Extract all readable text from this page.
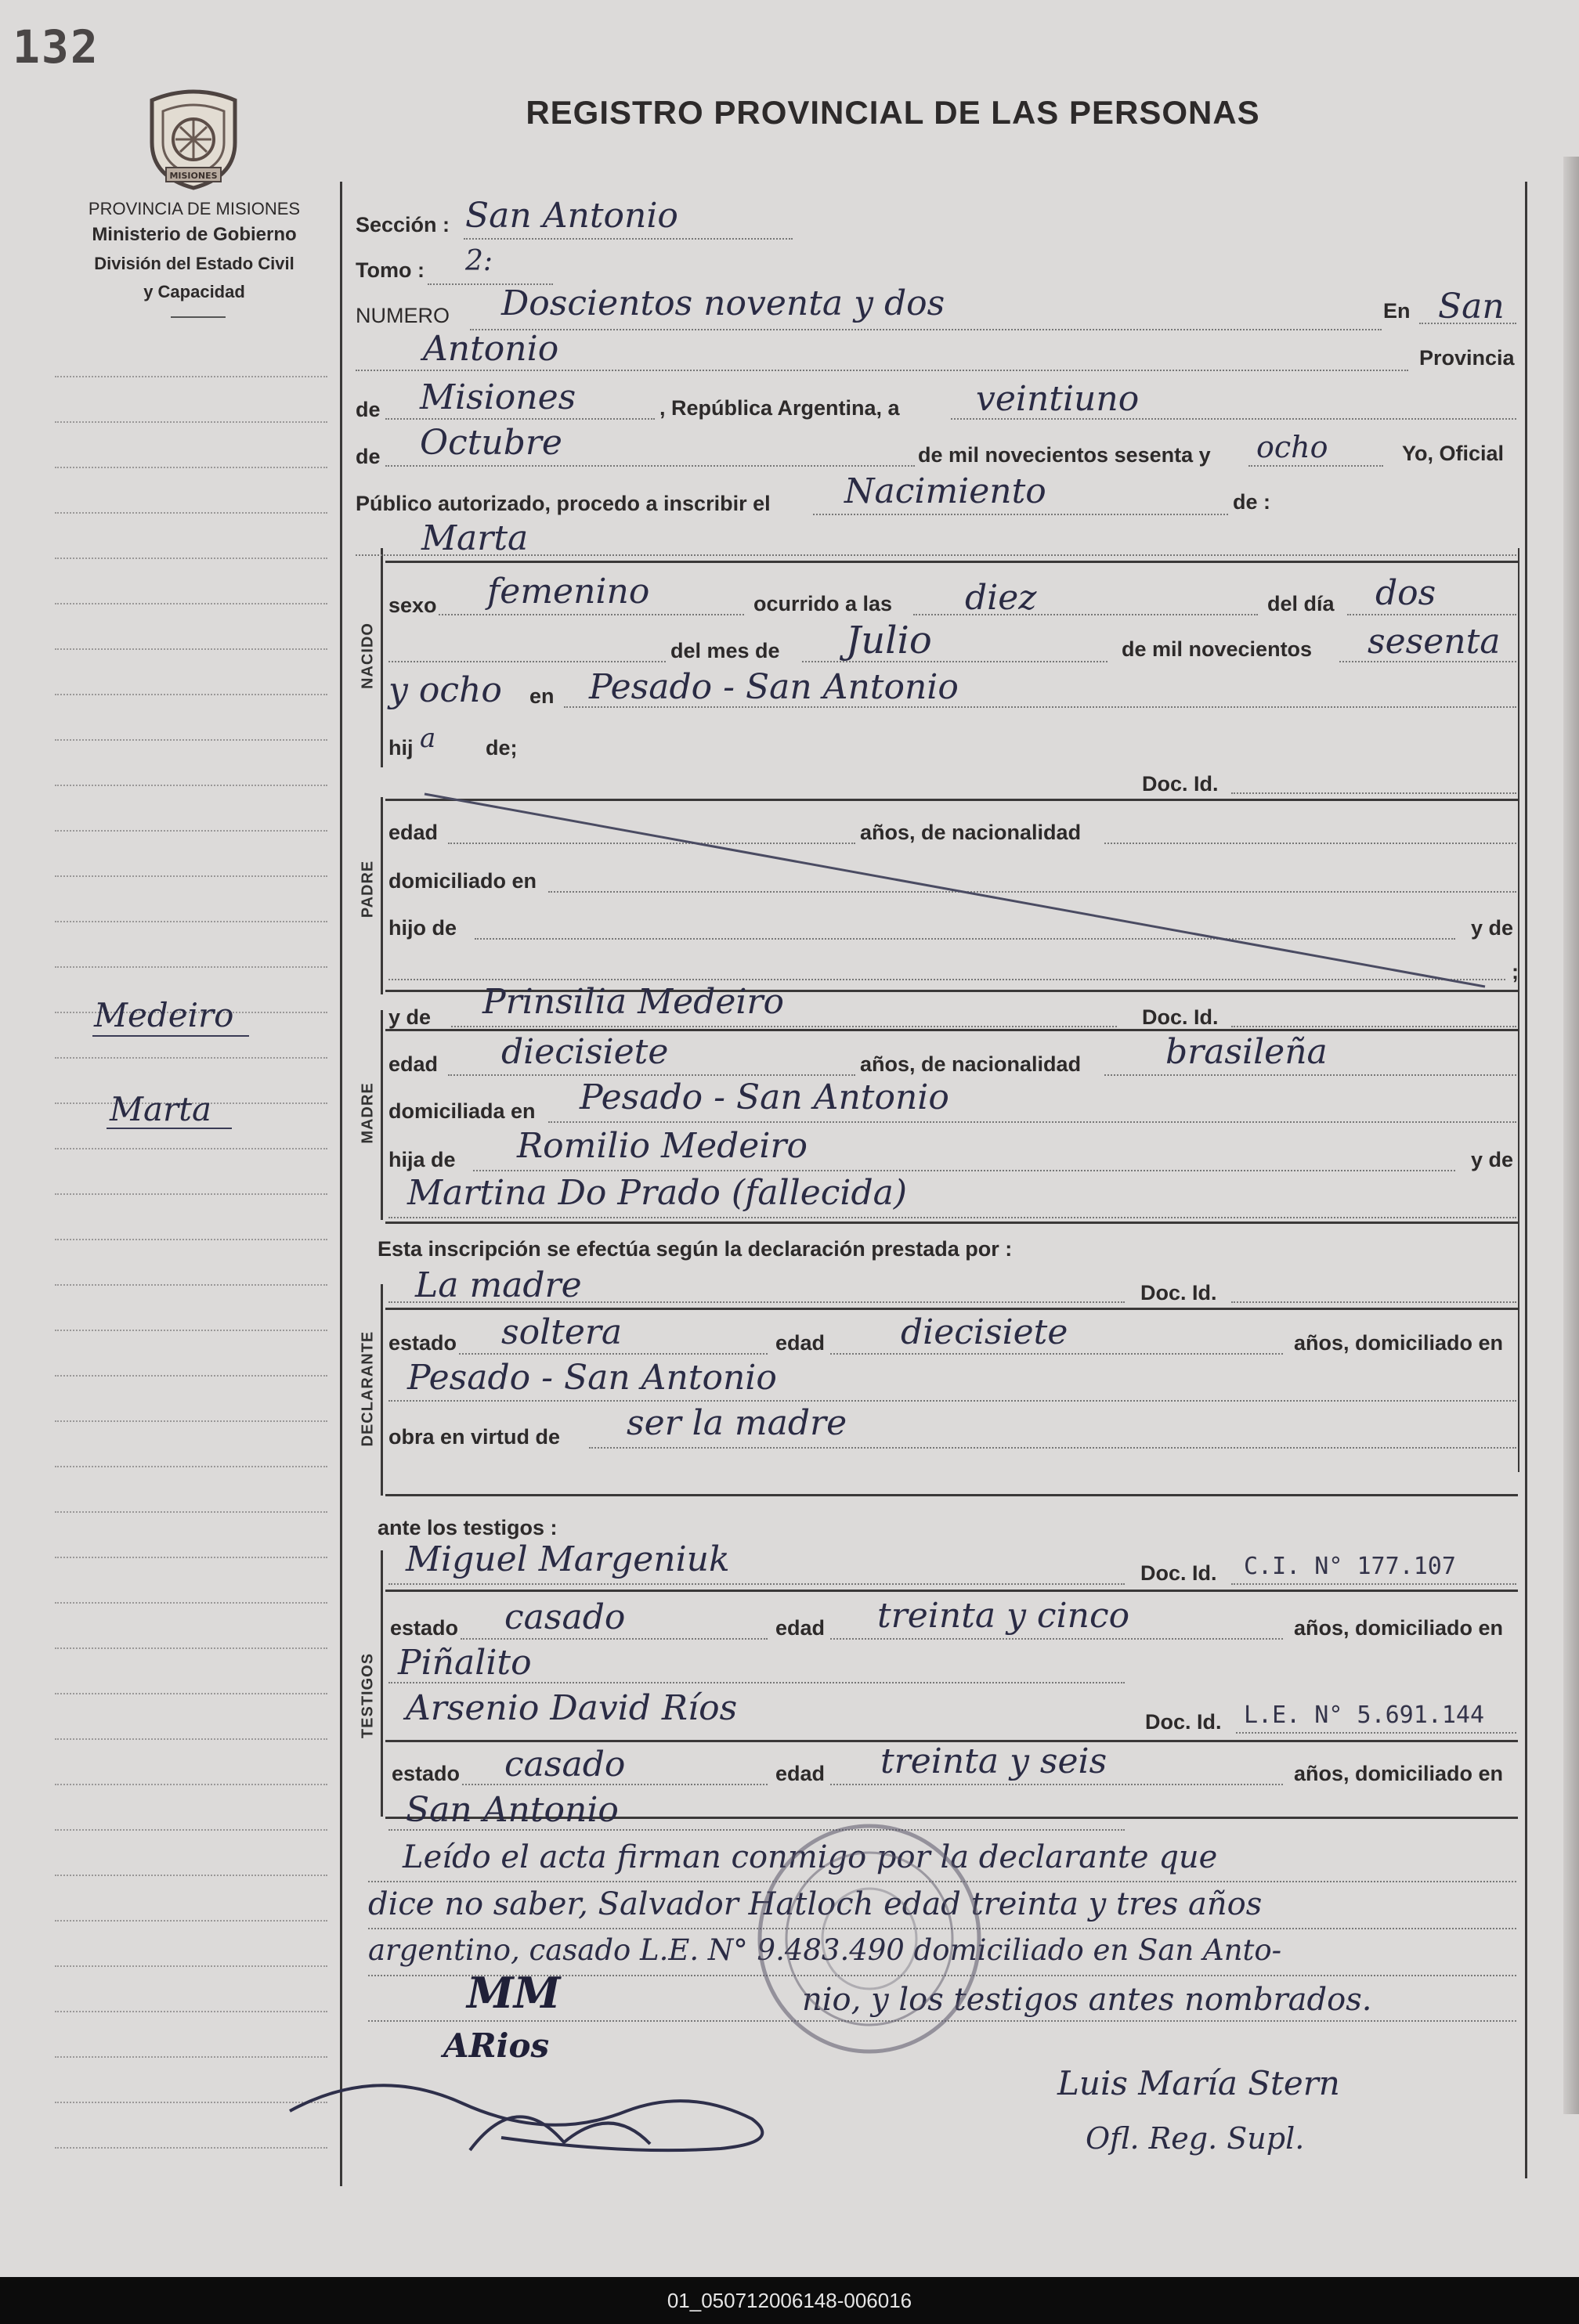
132
MISIONES
PROVINCIA DE MISIONES
Ministerio de Gobierno
División del Estado Civil
y Capacidad
REGISTRO PROVINCIAL DE LAS PERSONAS
NACIDO
PADRE
MADRE
DECLARANTE
TESTIGOS
Medeiro
Marta
Sección : San Antonio
Tomo : 2:
NUMERO Doscientos noventa y dos	En San
Antonio	Provincia
de Misiones	, República Argentina, a veintiuno
de Octubre	de mil novecientos sesenta y ocho	Yo, Oficial
Público autorizado, procedo a inscribir el Nacimiento	de :
Marta
sexo femenino	ocurrido a las diez	del día dos
del mes de Julio	de mil novecientos sesenta
y ocho en Pesado - San Antonio
hij a de;
Doc. Id.
edad	años, de nacionalidad
domiciliado en
hijo de	y de
;
y de Prinsilia Medeiro	Doc. Id.
edad diecisiete	años, de nacionalidad brasileña
domiciliada en Pesado - San Antonio
hija de Romilio Medeiro	y de
Martina Do Prado (fallecida)
Esta inscripción se efectúa según la declaración prestada por :
La madre	Doc. Id.
estado soltera	edad diecisiete	años, domiciliado en
Pesado - San Antonio
obra en virtud de ser la madre
ante los testigos :
Miguel Margeniuk	Doc. Id. C.I. N° 177.107
estado casado	edad treinta y cinco	años, domiciliado en
Piñalito
Arsenio David Ríos	Doc. Id. L.E. N° 5.691.144
estado casado	edad treinta y seis	años, domiciliado en
San Antonio
Leído el acta firman conmigo por la declarante que
dice no saber, Salvador Hatloch edad treinta y tres años
argentino, casado L.E. N° 9.483.490 domiciliado en San Anto-
nio, y los testigos antes nombrados.
MM
ARios
Luis María Stern
Ofl. Reg. Supl.
01_050712006148-006016
